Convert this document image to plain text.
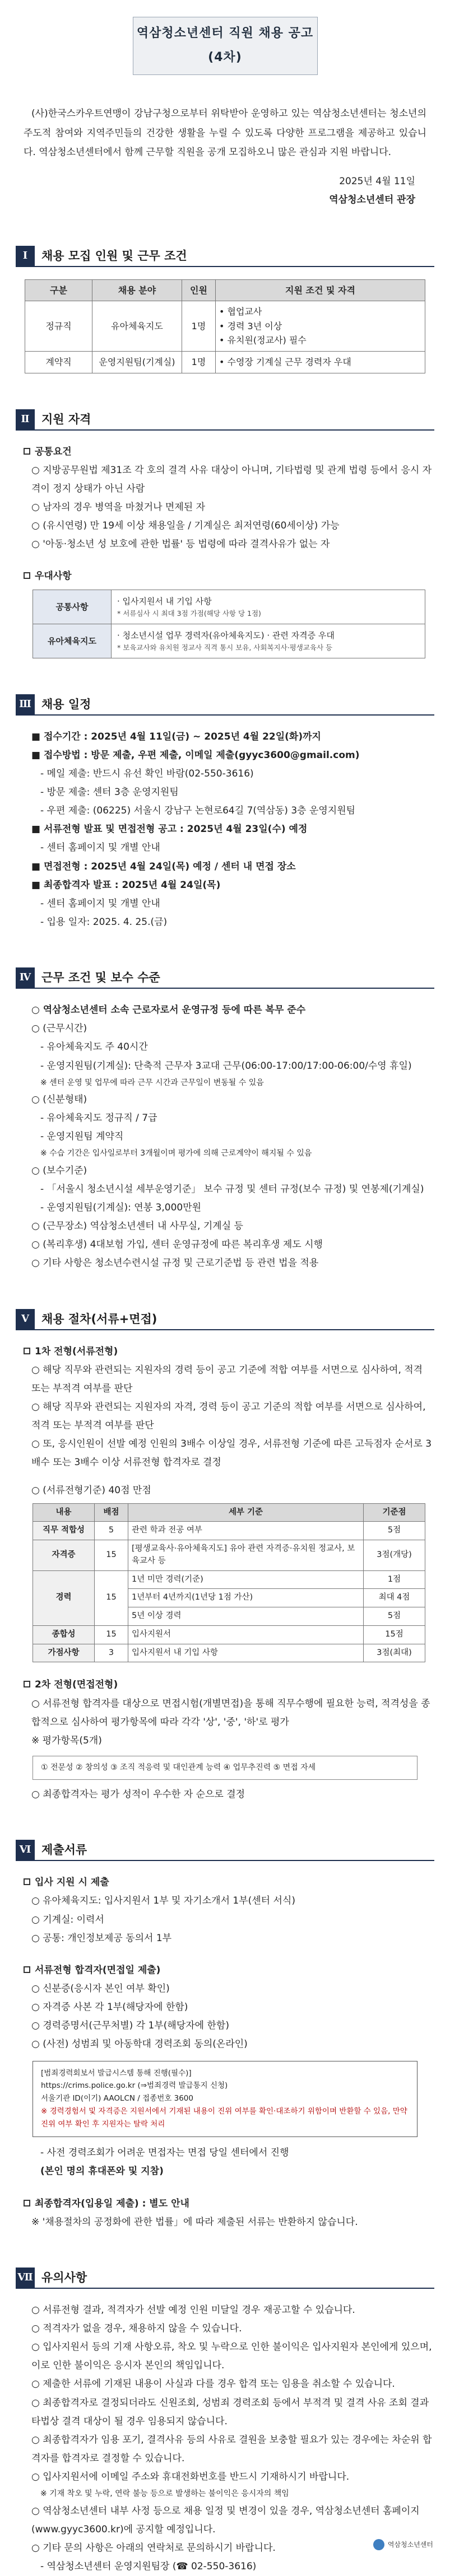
역삼청소년센터 직원 채용 공고(4차)

(사)한국스카우트연맹이 강남구청으로부터 위탁받아 운영하고 있는 역삼청소년센터는 청소년의 주도적 참여와 지역주민들의 건강한 생활을 누릴 수 있도록 다양한 프로그램을 제공하고 있습니다. 역삼청소년센터에서 함께 근무할 직원을 공개 모집하오니 많은 관심과 지원 바랍니다.

2025년 4월 11일
역삼청소년센터 관장
Ⅰ	채용 모집 인원 및 근무 조건
구분	채용 분야	인원	지원 조건 및 자격
정규직	유아체육지도	1명	• 협업교사
• 경력 3년 이상
• 유치원(정교사) 필수

계약직	운영지원팀(기계실)	1명	• 수영장 기계실 근무 경력자 우대
Ⅱ	지원 자격
공통요건
○ 지방공무원법 제31조 각 호의 결격 사유 대상이 아니며, 기타법령 및 관계 법령 등에서 응시 자격이 정지 상태가 아닌 사람
○ 남자의 경우 병역을 마쳤거나 면제된 자
○ (유시연령) 만 19세 이상 채용일을 / 기계실은 최저연령(60세이상) 가능
○ '아동·청소년 성 보호에 관한 법률' 등 법령에 따라 결격사유가 없는 자
우대사항
공통사항	· 입사지원서 내 기입 사항
* 서류심사 시 최대 3점 가점(해당 사항 당 1점)

유아체육지도	· 청소년시설 업무 경력자(유아체육지도) · 관련 자격증 우대
* 보육교사와 유치원 정교사 직격 통시 보유, 사회복지사·평생교육사 등
Ⅲ 채용 일정
■ 접수기간 : 2025년 4월 11일(금) ~ 2025년 4월 22일(화)까지
■ 접수방법 : 방문 제출, 우편 제출, 이메일 제출(gyyc3600@gmail.com)
- 메일 제출: 반드시 유선 확인 바람(02-550-3616)
- 방문 제출: 센터 3층 운영지원팀
- 우편 제출: (06225) 서울시 강남구 논현로64길 7(역삼동) 3층 운영지원팀
■ 서류전형 발표 및 면접전형 공고 : 2025년 4월 23일(수) 예정
- 센터 홈페이지 및 개별 안내
■ 면접전형 : 2025년 4월 24일(목) 예정 / 센터 내 면접 장소
■ 최종합격자 발표 : 2025년 4월 24일(목)
- 센터 홈페이지 및 개별 안내
- 입용 일자: 2025. 4. 25.(금)
Ⅳ 근무 조건 및 보수 수준
○ 역삼청소년센터 소속 근로자로서 운영규정 등에 따른 복무 준수
○ (근무시간)
- 유아체육지도 주 40시간
- 운영지원팀(기계실): 단축적 근무자 3교대 근무(06:00-17:00/17:00-06:00/수영 휴일)
※ 센터 운영 및 업무에 따라 근무 시간과 근무일이 변동될 수 있음
○ (신분형태)
- 유아체육지도 정규직 / 7급
- 운영지원팀 계약직
※ 수습 기간은 입사일로부터 3개월이며 평가에 의해 근로계약이 해지될 수 있음
○ (보수기준)
- 「서울시 청소년시설 세부운영기준」 보수 규정 및 센터 규정(보수 규정) 및 연봉제(기계실)
- 운영지원팀(기계실): 연봉 3,000만원
○ (근무장소) 역삼청소년센터 내 사무실, 기계실 등
○ (복리후생) 4대보험 가입, 센터 운영규정에 따른 복리후생 제도 시행
○ 기타 사항은 청소년수련시설 규정 및 근로기준법 등 관련 법을 적용
Ⅴ	채용 절차(서류+면접)
1차 전형(서류전형)
○ 해당 직무와 관련되는 지원자의 경력 등이 공고 기준에 적합 여부를 서면으로 심사하여, 적격 또는 부적격 여부를 판단
○ 해당 직무와 관련되는 지원자의 자격, 경력 등이 공고 기준의 적합 여부를 서면으로 심사하여, 적격 또는 부적격 여부를 판단
○ 또, 응시인원이 선발 예정 인원의 3배수 이상일 경우, 서류전형 기준에 따른 고득점자 순서로 3배수 또는 3배수 이상 서류전형 합격자로 결정
○ (서류전형기준) 40점 만점
내용	배점	세부 기준	기준점
직무 적합성	5	관련 학과 전공 여부	5점
자격증	15	[평생교육사·유아체육지도] 유아 관련 자격증·유치원 정교사, 보육교사 등	3점(개당)
경력	15	1년 미만 경력(기준)	1점
		1년부터 4년까지(1년당 1점 가산)	최대 4점
		5년 이상 경력	5점
종합성	15	입사지원서	15점
가점사항	3	입사지원서 내 기입 사항	3점(최대)
2차 전형(면접전형)
○ 서류전형 합격자를 대상으로 면접시험(개별면접)을 통해 직무수행에 필요한 능력, 적격성을 종합적으로 심사하여 평가항목에 따라 각각 '상', '중', '하'로 평가
※ 평가항목(5개)
① 전문성 ② 창의성 ③ 조직 적응력 및 대인관계 능력 ④ 업무추진력 ⑤ 면접 자세
○ 최종합격자는 평가 성적이 우수한 자 순으로 결정
Ⅵ 제출서류
입사 지원 시 제출
○ 유아체육지도: 입사지원서 1부 및 자기소개서 1부(센터 서식)
○ 기계실: 이력서
○ 공통: 개인정보제공 동의서 1부
서류전형 합격자(면접일 제출)
○ 신분증(응시자 본인 여부 확인)
○ 자격증 사본 각 1부(해당자에 한함)
○ 경력증명서(근무처별) 각 1부(해당자에 한함)
○ (사전) 성범죄 및 아동학대 경력조회 동의(온라인)
[범죄경력회보서 발급시스템 통해 진행(필수)]
https://crims.police.go.kr (⇒범죄경력 발급통지 신청)
서울기관 ID(이기) AAOLCN / 접종번호 3600
※ 경력경험서 및 자격증은 지원서에서 기재된 내용이 진위 여부를 확인·대조하기 위함이며 반환할 수 있음, 만약 진위 여부 확인 후 지원자는 탈락 처리
- 사전 경력조회가 어려운 면접자는 면접 당일 센터에서 진행
(본인 명의 휴대폰와 및 지참)
최종합격자(입용일 제출) : 별도 안내
※ '채용절차의 공정화에 관한 법률」에 따라 제출된 서류는 반환하지 않습니다.
Ⅶ 유의사항
○ 서류전형 결과, 적격자가 선발 예정 인원 미달일 경우 재공고할 수 있습니다.
○ 적격자가 없을 경우, 채용하지 않을 수 있습니다.
○ 입사지원서 등의 기재 사항오류, 착오 및 누락으로 인한 불이익은 입사지원자 본인에게 있으며, 이로 인한 불이익은 응시자 본인의 책임입니다.
○ 제출한 서류에 기재된 내용이 사실과 다를 경우 합격 또는 임용을 취소할 수 있습니다.
○ 최종합격자로 결정되더라도 신원조회, 성범죄 경력조회 등에서 부적격 및 결격 사유 조회 결과 타법상 결격 대상이 될 경우 임용되지 않습니다.
○ 최종합격자가 임용 포기, 결격사유 등의 사유로 결원을 보충할 필요가 있는 경우에는 차순위 합격자를 합격자로 결정할 수 있습니다.
○ 입사지원서에 이메일 주소와 휴대전화번호를 반드시 기재하시기 바랍니다.
※ 기재 착오 및 누락, 연락 불능 등으로 발생하는 불이익은 응시자의 책임
○ 역삼청소년센터 내부 사정 등으로 채용 일정 및 변경이 있을 경우, 역삼청소년센터 홈페이지(www.gyyc3600.kr)에 공지할 예정입니다.
○ 기타 문의 사항은 아래의 연락처로 문의하시기 바랍니다.
- 역삼청소년센터 운영지원팀장 (☎ 02-550-3616)
역삼청소년센터
